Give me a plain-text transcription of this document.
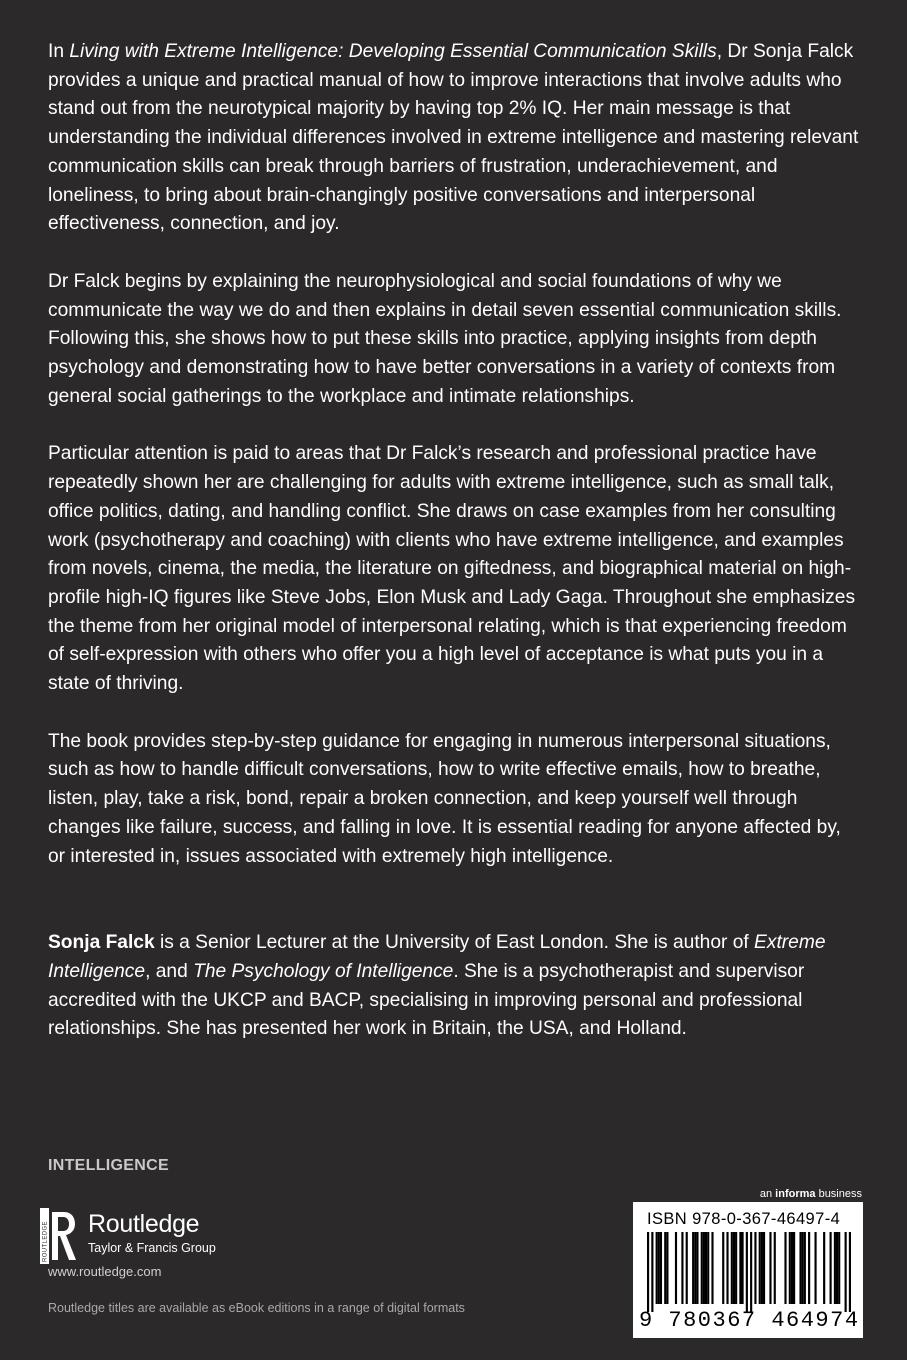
In Living with Extreme Intelligence: Developing Essential Communication Skills, Dr Sonja Falck provides a unique and practical manual of how to improve interactions that involve adults who stand out from the neurotypical majority by having top 2% IQ. Her main message is that understanding the individual differences involved in extreme intelligence and mastering relevant communication skills can break through barriers of frustration, underachievement, and loneliness, to bring about brain-changingly positive conversations and interpersonal effectiveness, connection, and joy.

Dr Falck begins by explaining the neurophysiological and social foundations of why we communicate the way we do and then explains in detail seven essential communication skills. Following this, she shows how to put these skills into practice, applying insights from depth psychology and demonstrating how to have better conversations in a variety of contexts from general social gatherings to the workplace and intimate relationships.

Particular attention is paid to areas that Dr Falck’s research and professional practice have repeatedly shown her are challenging for adults with extreme intelligence, such as small talk, office politics, dating, and handling conflict. She draws on case examples from her consulting work (psychotherapy and coaching) with clients who have extreme intelligence, and examples from novels, cinema, the media, the literature on giftedness, and biographical material on high-profile high-IQ figures like Steve Jobs, Elon Musk and Lady Gaga. Throughout she emphasizes the theme from her original model of interpersonal relating, which is that experiencing freedom of self-expression with others who offer you a high level of acceptance is what puts you in a state of thriving.

The book provides step-by-step guidance for engaging in numerous interpersonal situations, such as how to handle difficult conversations, how to write effective emails, how to breathe, listen, play, take a risk, bond, repair a broken connection, and keep yourself well through changes like failure, success, and falling in love. It is essential reading for anyone affected by, or interested in, issues associated with extremely high intelligence.

Sonja Falck is a Senior Lecturer at the University of East London. She is author of Extreme Intelligence, and The Psychology of Intelligence. She is a psychotherapist and supervisor accredited with the UKCP and BACP, specialising in improving personal and professional relationships. She has presented her work in Britain, the USA, and Holland.

INTELLIGENCE
ROUTLEDGE Routledge
Taylor & Francis Group
www.routledge.com
Routledge titles are available as eBook editions in a range of digital formats
an informa business
ISBN 978-0-367-46497-4
9 780367 464974
